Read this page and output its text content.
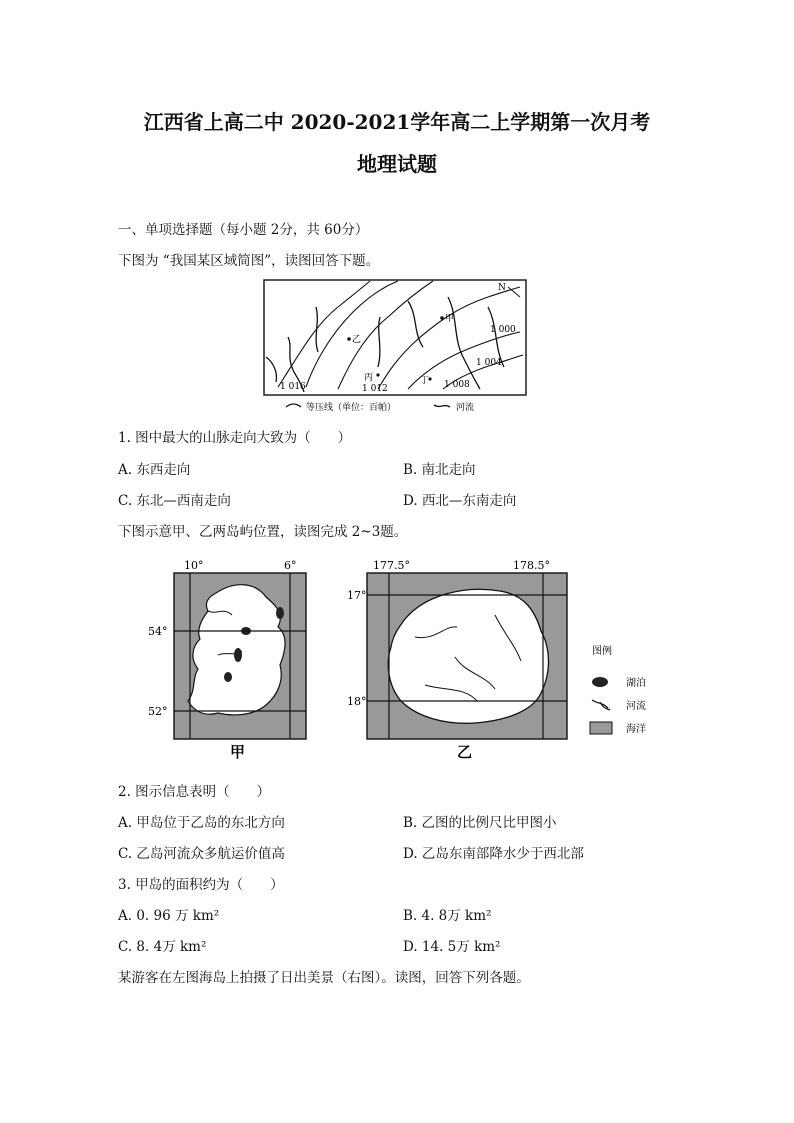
江西省上高二中 2020-2021学年高二上学期第一次月考
地理试题
一、单项选择题（每小题 2分，共 60分）
下图为 “我国某区域简图”，读图回答下题。
N
乙
甲
丙	丁
1 000
1 004
1 008
1 012
1 016
等压线（单位：百帕）	河流
1. 图中最大的山脉走向大致为（　　）
A. 东西走向	B. 南北走向
C. 东北—西南走向	D. 西北—东南走向
下图示意甲、乙两岛屿位置，读图完成 2~3题。
10°	6°
54°
52°
甲
177.5°	178.5°
17°
18°
乙
图例
湖泊
河流
海洋
2. 图示信息表明（　　）
A. 甲岛位于乙岛的东北方向	B. 乙图的比例尺比甲图小
C. 乙岛河流众多航运价值高	D. 乙岛东南部降水少于西北部
3. 甲岛的面积约为（　　）
A. 0. 96 万 km²	B. 4. 8万 km²
C. 8. 4万 km²	D. 14. 5万 km²
某游客在左图海岛上拍摄了日出美景（右图）。读图，回答下列各题。
